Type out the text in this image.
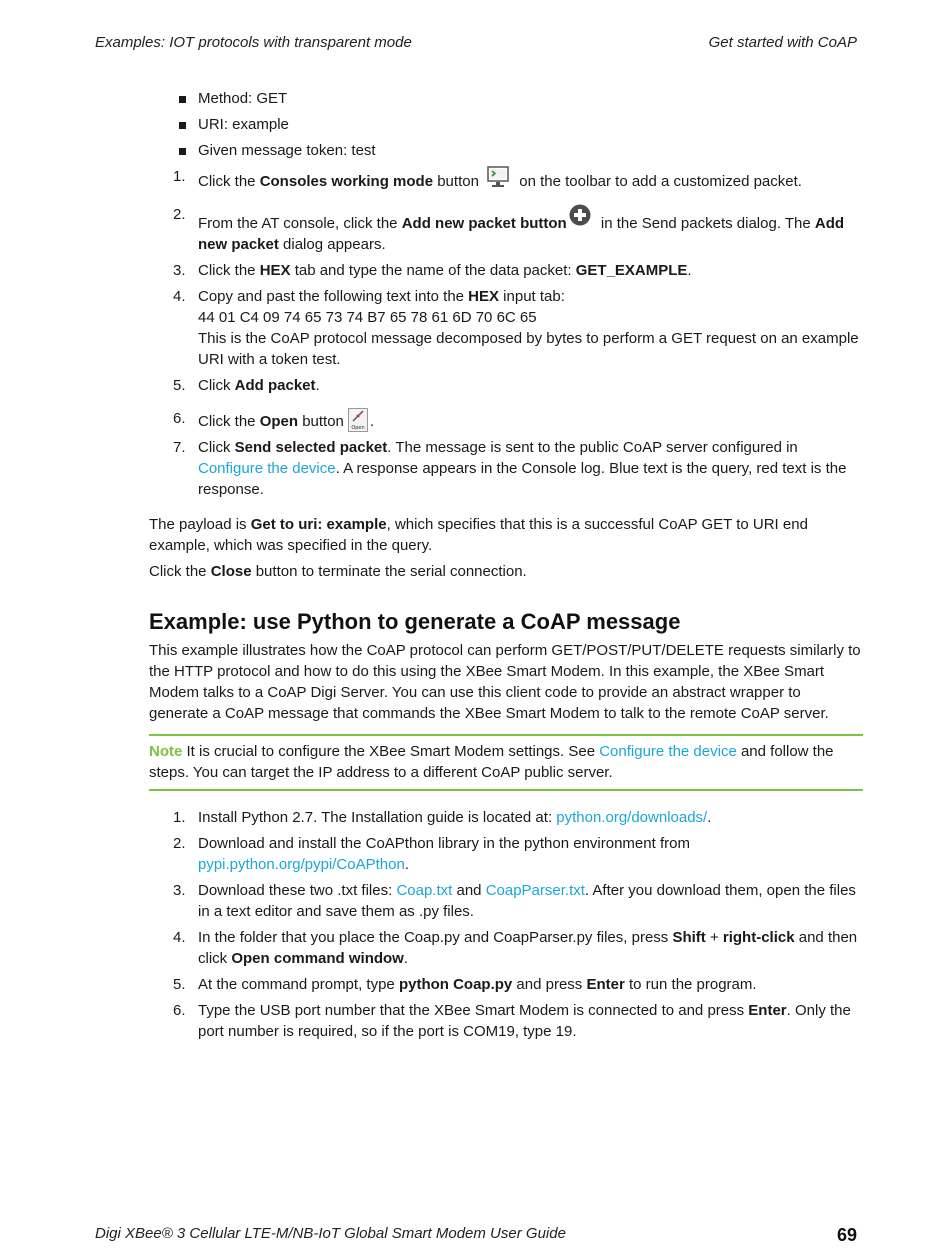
Examples: IOT protocols with transparent mode	Get started with CoAP
Method: GET
URI: example
Given message token: test
1. Click the Consoles working mode button  on the toolbar to add a customized packet.
2.
From the AT console, click the Add new packet button in the Send packets dialog. The Add new packet dialog appears.
3. Click the HEX tab and type the name of the data packet: GET_EXAMPLE.
4. Copy and past the following text into the HEX input tab:
44 01 C4 09 74 65 73 74 B7 65 78 61 6D 70 6C 65
This is the CoAP protocol message decomposed by bytes to perform a GET request on an example URI with a token test.
5. Click Add packet.
6. Click the Open button Open .
7. Click Send selected packet. The message is sent to the public CoAP server configured in Configure the device. A response appears in the Console log. Blue text is the query, red text is the response.

The payload is Get to uri: example, which specifies that this is a successful CoAP GET to URI end example, which was specified in the query.

Click the Close button to terminate the serial connection.

Example: use Python to generate a CoAP message

This example illustrates how the CoAP protocol can perform GET/POST/PUT/DELETE requests similarly to the HTTP protocol and how to do this using the XBee Smart Modem. In this example, the XBee Smart Modem talks to a CoAP Digi Server. You can use this client code to provide an abstract wrapper to generate a CoAP message that commands the XBee Smart Modem to talk to the remote CoAP server.

Note It is crucial to configure the XBee Smart Modem settings. See Configure the device and follow the steps. You can target the IP address to a different CoAP public server.
1. Install Python 2.7. The Installation guide is located at: python.org/downloads/.
2. Download and install the CoAPthon library in the python environment from pypi.python.org/pypi/CoAPthon.
3. Download these two .txt files: Coap.txt and CoapParser.txt. After you download them, open the files in a text editor and save them as .py files.
4. In the folder that you place the Coap.py and CoapParser.py files, press Shift + right-click and then click Open command window.
5. At the command prompt, type python Coap.py and press Enter to run the program.
6. Type the USB port number that the XBee Smart Modem is connected to and press Enter. Only the port number is required, so if the port is COM19, type 19.
Digi XBee® 3 Cellular LTE-M/NB-IoT Global Smart Modem User Guide	69
